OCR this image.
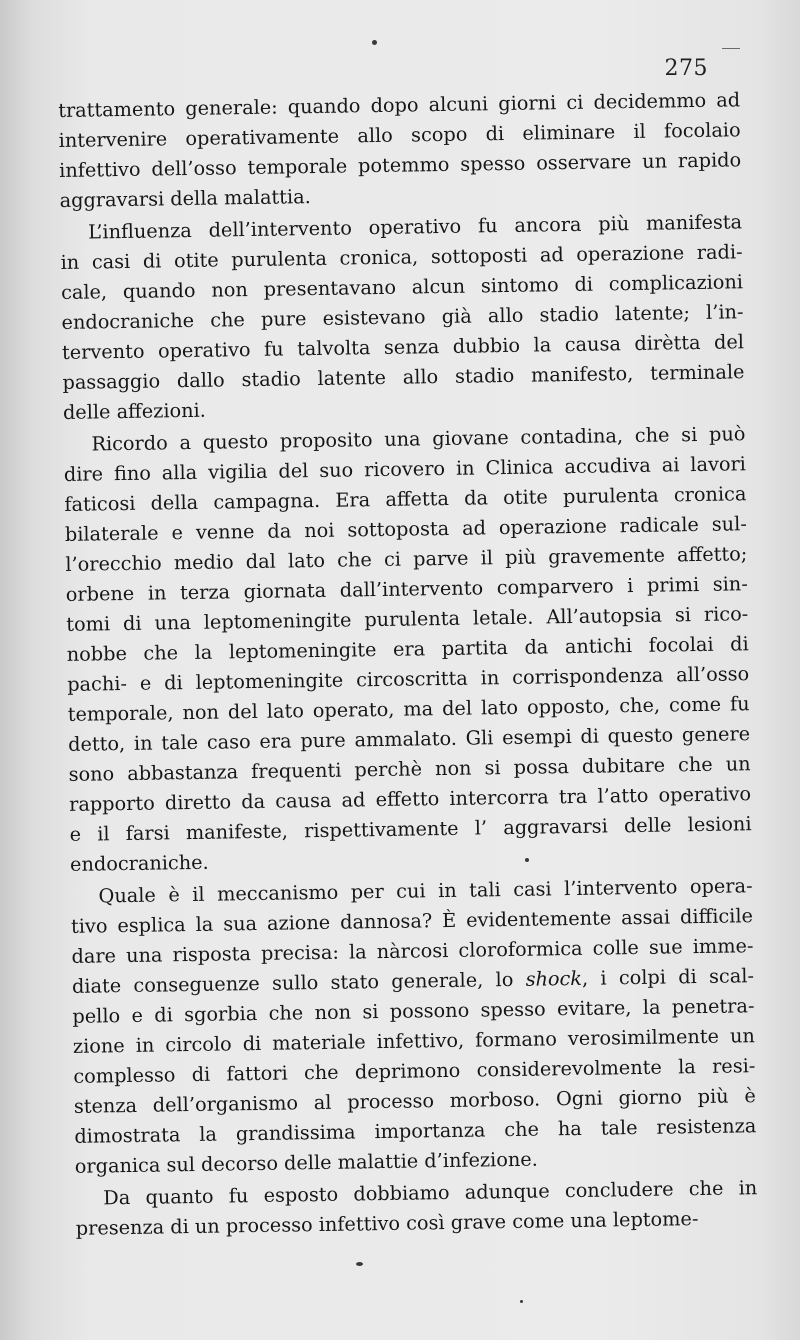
275
trattamento generale: quando dopo alcuni giorni ci decidemmo ad
intervenire operativamente allo scopo di eliminare il focolaio
infettivo dell’osso temporale potemmo spesso osservare un rapido
aggravarsi della malattia.
L’influenza dell’intervento operativo fu ancora più manifesta
in casi di otite purulenta cronica, sottoposti ad operazione radi-
cale, quando non presentavano alcun sintomo di complicazioni
endocraniche che pure esistevano già allo stadio latente; l’in-
tervento operativo fu talvolta senza dubbio la causa dirètta del
passaggio dallo stadio latente allo stadio manifesto, terminale
delle affezioni.
Ricordo a questo proposito una giovane contadina, che si può
dire fino alla vigilia del suo ricovero in Clinica accudiva ai lavori
faticosi della campagna. Era affetta da otite purulenta cronica
bilaterale e venne da noi sottoposta ad operazione radicale sul-
l’orecchio medio dal lato che ci parve il più gravemente affetto;
orbene in terza giornata dall’intervento comparvero i primi sin-
tomi di una leptomeningite purulenta letale. All’autopsia si rico-
nobbe che la leptomeningite era partita da antichi focolai di
pachi- e di leptomeningite circoscritta in corrispondenza all’osso
temporale, non del lato operato, ma del lato opposto, che, come fu
detto, in tale caso era pure ammalato. Gli esempi di questo genere
sono abbastanza frequenti perchè non si possa dubitare che un
rapporto diretto da causa ad effetto intercorra tra l’atto operativo
e il farsi manifeste, rispettivamente l’ aggravarsi delle lesioni
endocraniche.
Quale è il meccanismo per cui in tali casi l’intervento opera-
tivo esplica la sua azione dannosa? È evidentemente assai difficile
dare una risposta precisa: la nàrcosi cloroformica colle sue imme-
diate conseguenze sullo stato generale, lo shock, i colpi di scal-
pello e di sgorbia che non si possono spesso evitare, la penetra-
zione in circolo di materiale infettivo, formano verosimilmente un
complesso di fattori che deprimono considerevolmente la resi-
stenza dell’organismo al processo morboso. Ogni giorno più è
dimostrata la grandissima importanza che ha tale resistenza
organica sul decorso delle malattie d’infezione.
Da quanto fu esposto dobbiamo adunque concludere che in
presenza di un processo infettivo così grave come una leptome-
